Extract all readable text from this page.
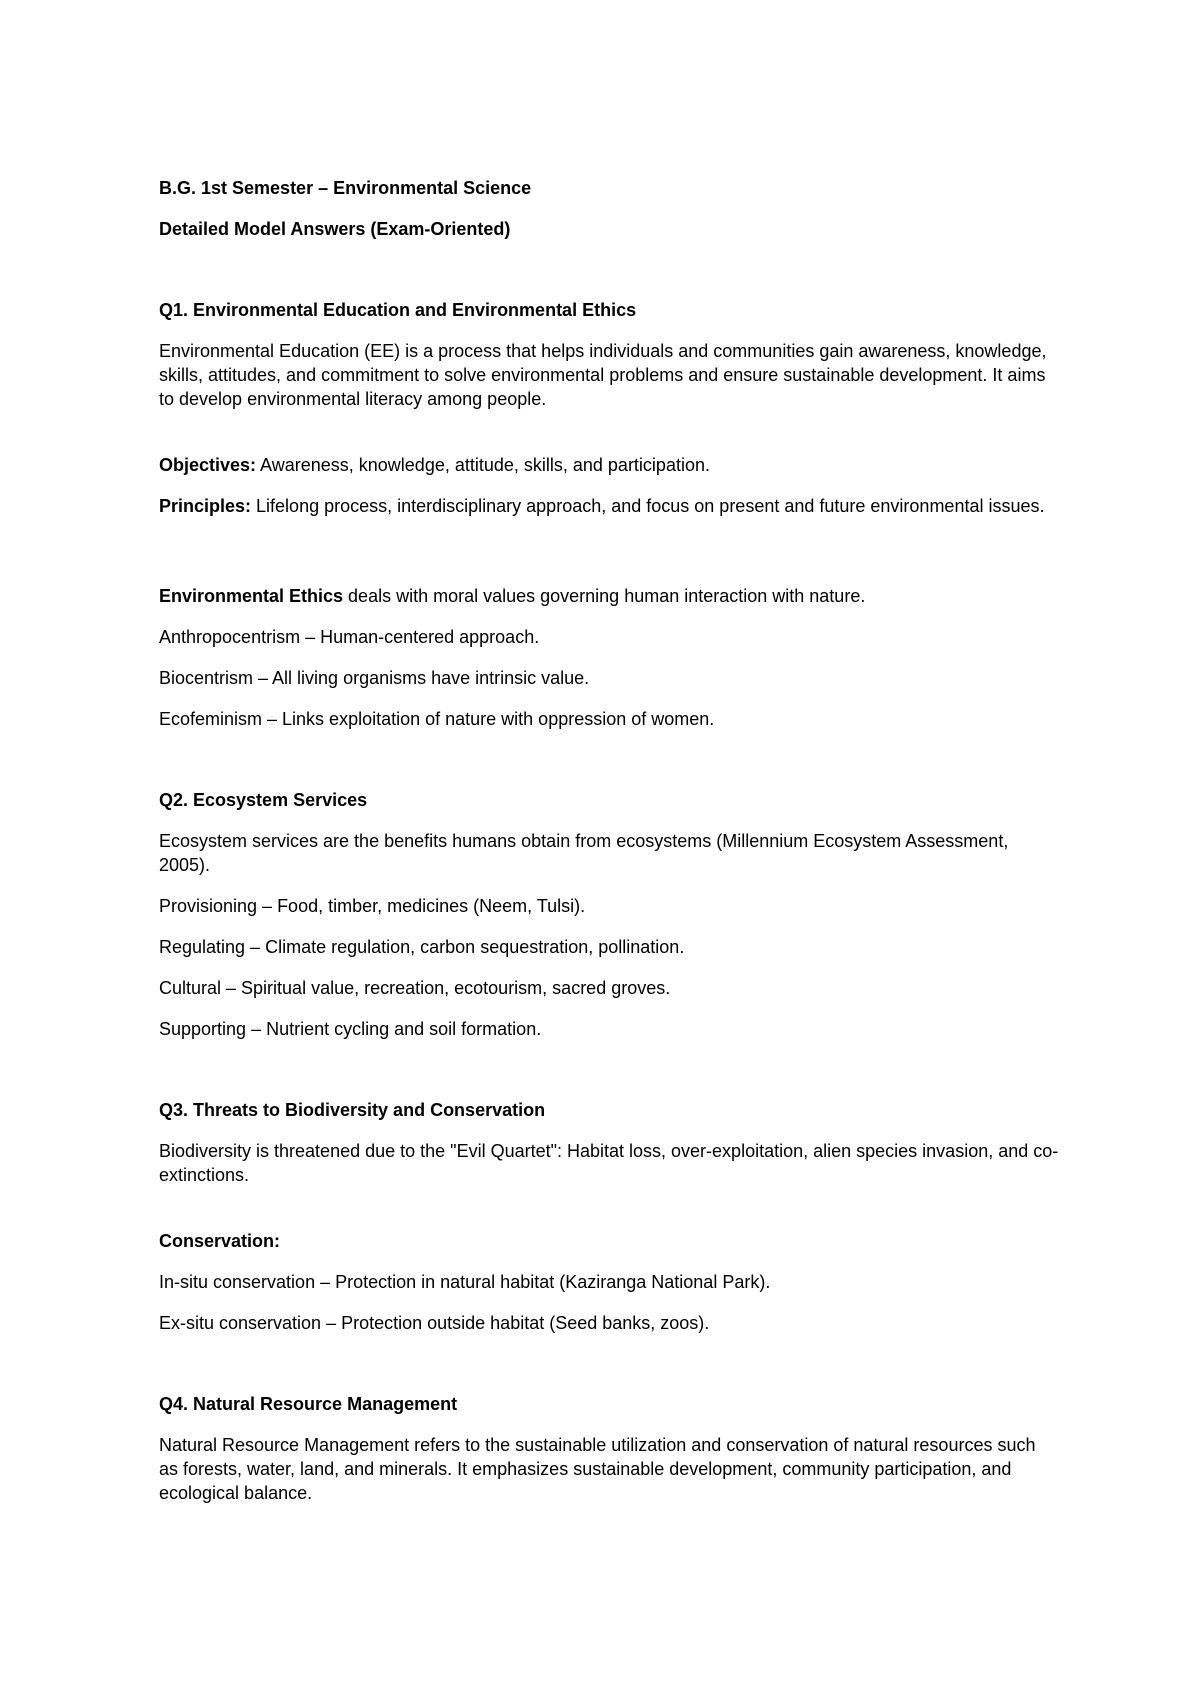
B.G. 1st Semester – Environmental Science

Detailed Model Answers (Exam-Oriented)

Q1. Environmental Education and Environmental Ethics

Environmental Education (EE) is a process that helps individuals and communities gain awareness, knowledge, skills, attitudes, and commitment to solve environmental problems and ensure sustainable development. It aims to develop environmental literacy among people.

Objectives: Awareness, knowledge, attitude, skills, and participation.

Principles: Lifelong process, interdisciplinary approach, and focus on present and future environmental issues.

Environmental Ethics deals with moral values governing human interaction with nature.

Anthropocentrism – Human-centered approach.

Biocentrism – All living organisms have intrinsic value.

Ecofeminism – Links exploitation of nature with oppression of women.

Q2. Ecosystem Services

Ecosystem services are the benefits humans obtain from ecosystems (Millennium Ecosystem Assessment, 2005).

Provisioning – Food, timber, medicines (Neem, Tulsi).

Regulating – Climate regulation, carbon sequestration, pollination.

Cultural – Spiritual value, recreation, ecotourism, sacred groves.

Supporting – Nutrient cycling and soil formation.

Q3. Threats to Biodiversity and Conservation

Biodiversity is threatened due to the "Evil Quartet": Habitat loss, over-exploitation, alien species invasion, and co-extinctions.

Conservation:

In-situ conservation – Protection in natural habitat (Kaziranga National Park).

Ex-situ conservation – Protection outside habitat (Seed banks, zoos).

Q4. Natural Resource Management

Natural Resource Management refers to the sustainable utilization and conservation of natural resources such as forests, water, land, and minerals. It emphasizes sustainable development, community participation, and ecological balance.
